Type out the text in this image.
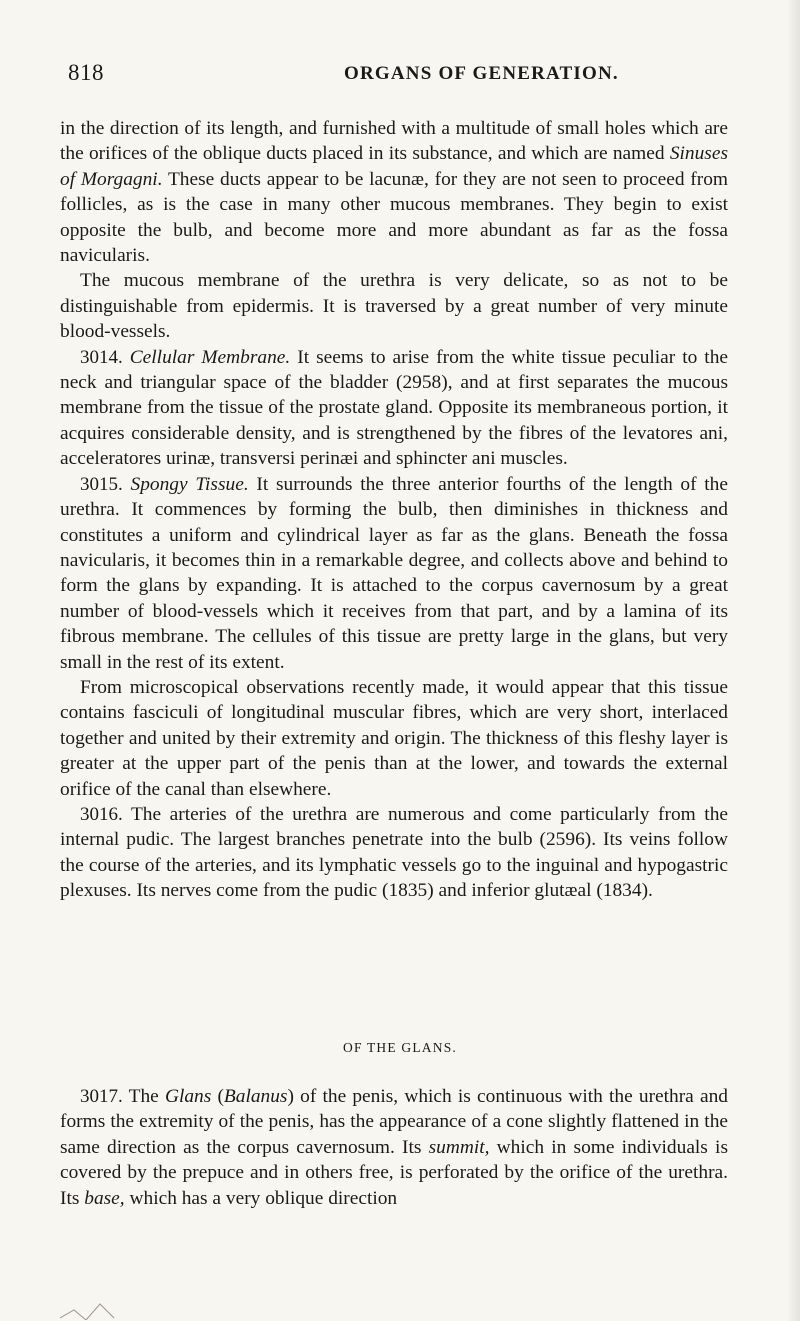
818	ORGANS OF GENERATION.

in the direction of its length, and furnished with a multitude of small holes which are the orifices of the oblique ducts placed in its substance, and which are named Sinuses of Morgagni. These ducts appear to be lacunæ, for they are not seen to proceed from follicles, as is the case in many other mucous membranes. They begin to exist opposite the bulb, and become more and more abundant as far as the fossa navicularis.

The mucous membrane of the urethra is very delicate, so as not to be distinguishable from epidermis. It is traversed by a great number of very minute blood-vessels.

3014. Cellular Membrane. It seems to arise from the white tissue peculiar to the neck and triangular space of the bladder (2958), and at first separates the mucous membrane from the tissue of the prostate gland. Opposite its membraneous portion, it acquires considerable density, and is strengthened by the fibres of the levatores ani, acceleratores urinæ, transversi perinæi and sphincter ani muscles.

3015. Spongy Tissue. It surrounds the three anterior fourths of the length of the urethra. It commences by forming the bulb, then diminishes in thickness and constitutes a uniform and cylindrical layer as far as the glans. Beneath the fossa navicularis, it becomes thin in a remarkable degree, and collects above and behind to form the glans by expanding. It is attached to the corpus cavernosum by a great number of blood-vessels which it receives from that part, and by a lamina of its fibrous membrane. The cellules of this tissue are pretty large in the glans, but very small in the rest of its extent.

From microscopical observations recently made, it would appear that this tissue contains fasciculi of longitudinal muscular fibres, which are very short, interlaced together and united by their extremity and origin. The thickness of this fleshy layer is greater at the upper part of the penis than at the lower, and towards the external orifice of the canal than elsewhere.

3016. The arteries of the urethra are numerous and come particularly from the internal pudic. The largest branches penetrate into the bulb (2596). Its veins follow the course of the arteries, and its lymphatic vessels go to the inguinal and hypogastric plexuses. Its nerves come from the pudic (1835) and inferior glutæal (1834).

OF THE GLANS.

3017. The Glans (Balanus) of the penis, which is continuous with the urethra and forms the extremity of the penis, has the appearance of a cone slightly flattened in the same direction as the corpus cavernosum. Its summit, which in some individuals is covered by the prepuce and in others free, is perforated by the orifice of the urethra. Its base, which has a very oblique direction
